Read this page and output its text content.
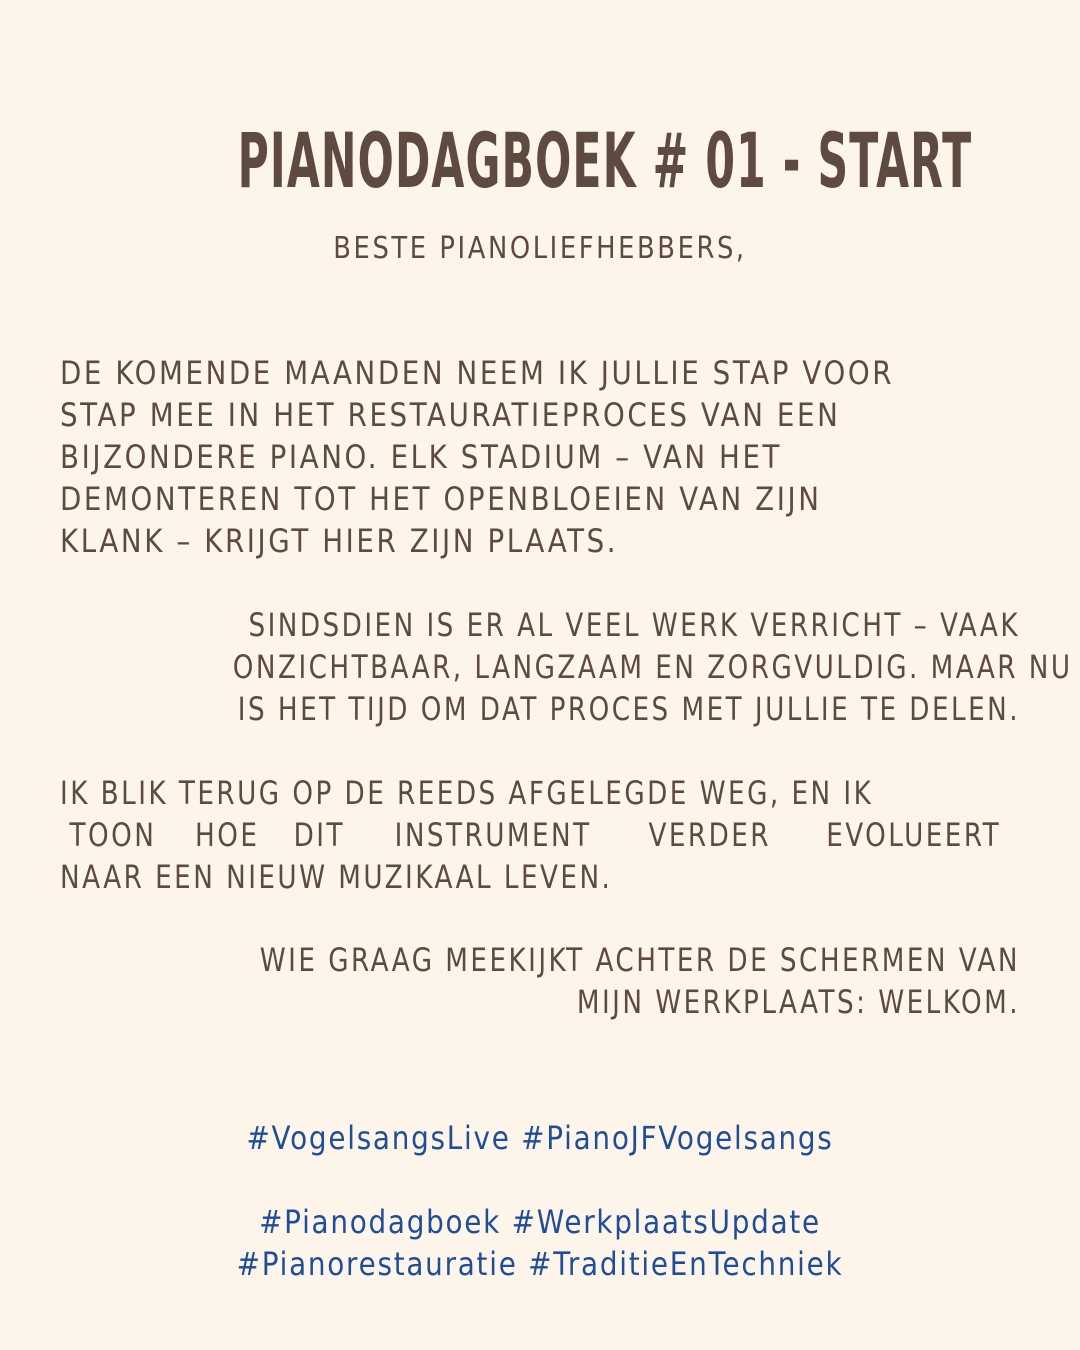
PIANODAGBOEK # 01 - START
BESTE PIANOLIEFHEBBERS,
DE KOMENDE MAANDEN NEEM IK JULLIE STAP VOOR
STAP MEE IN HET RESTAURATIEPROCES VAN EEN
BIJZONDERE PIANO. ELK STADIUM – VAN HET
DEMONTEREN TOT HET OPENBLOEIEN VAN ZIJN
KLANK – KRIJGT HIER ZIJN PLAATS.
SINDSDIEN IS ER AL VEEL WERK VERRICHT – VAAK
ONZICHTBAAR, LANGZAAM EN ZORGVULDIG. MAAR NU
IS HET TIJD OM DAT PROCES MET JULLIE TE DELEN.
IK BLIK TERUG OP DE REEDS AFGELEGDE WEG, EN IK
TOON HOE DIT INSTRUMENT VERDER EVOLUEERT
NAAR EEN NIEUW MUZIKAAL LEVEN.
WIE GRAAG MEEKIJKT ACHTER DE SCHERMEN VAN
MIJN WERKPLAATS: WELKOM.
#VogelsangsLive #PianoJFVogelsangs
#Pianodagboek #WerkplaatsUpdate
#Pianorestauratie #TraditieEnTechniek
